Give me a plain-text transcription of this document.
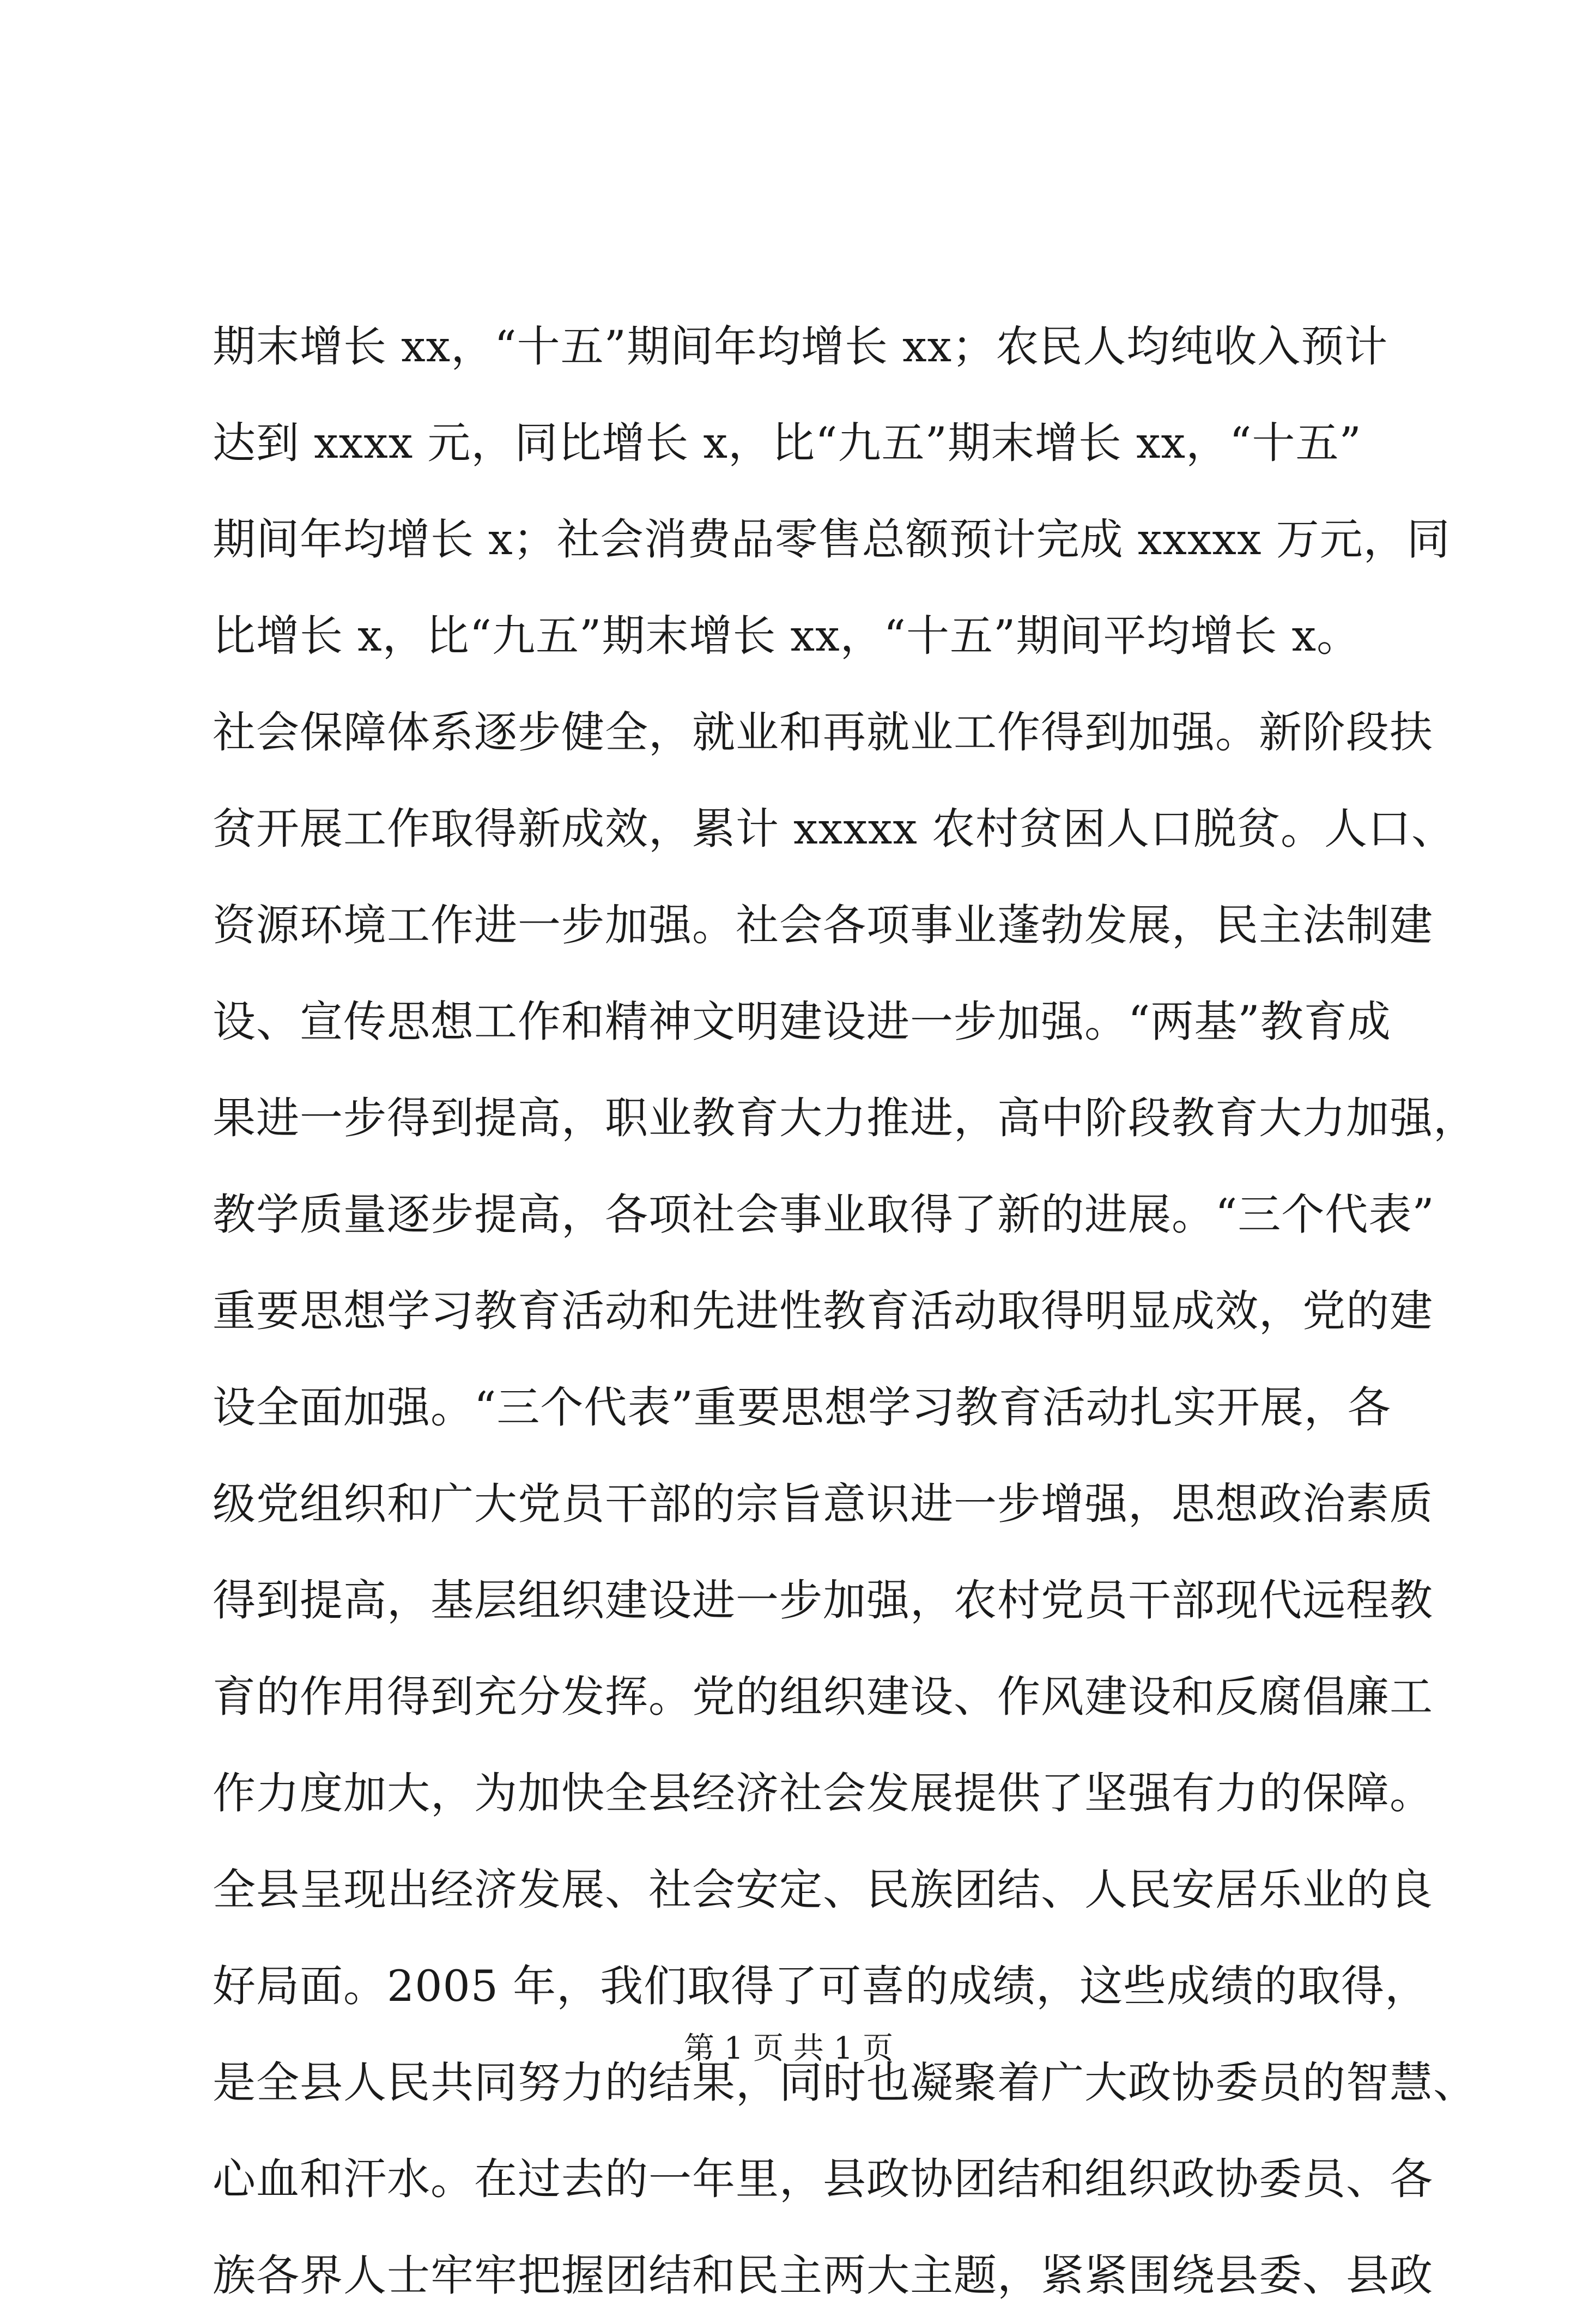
期末增长 xx，“十五”期间年均增长 xx；农民人均纯收入预计
达到 xxxx 元，同比增长 x，比“九五”期末增长 xx，“十五”
期间年均增长 x；社会消费品零售总额预计完成 xxxxx 万元，同
比增长 x，比“九五”期末增长 xx，“十五”期间平均增长 x。
社会保障体系逐步健全，就业和再就业工作得到加强。新阶段扶
贫开展工作取得新成效，累计 xxxxx 农村贫困人口脱贫。人口、
资源环境工作进一步加强。社会各项事业蓬勃发展，民主法制建
设、宣传思想工作和精神文明建设进一步加强。“两基”教育成
果进一步得到提高，职业教育大力推进，高中阶段教育大力加强，
教学质量逐步提高，各项社会事业取得了新的进展。“三个代表”
重要思想学习教育活动和先进性教育活动取得明显成效，党的建
设全面加强。“三个代表”重要思想学习教育活动扎实开展，各
级党组织和广大党员干部的宗旨意识进一步增强，思想政治素质
得到提高，基层组织建设进一步加强，农村党员干部现代远程教
育的作用得到充分发挥。党的组织建设、作风建设和反腐倡廉工
作力度加大，为加快全县经济社会发展提供了坚强有力的保障。
全县呈现出经济发展、社会安定、民族团结、人民安居乐业的良
好局面。2005 年，我们取得了可喜的成绩，这些成绩的取得，
是全县人民共同努力的结果，同时也凝聚着广大政协委员的智慧、
心血和汗水。在过去的一年里，县政协团结和组织政协委员、各
族各界人士牢牢把握团结和民主两大主题，紧紧围绕县委、县政
第 1 页 共 1 页
